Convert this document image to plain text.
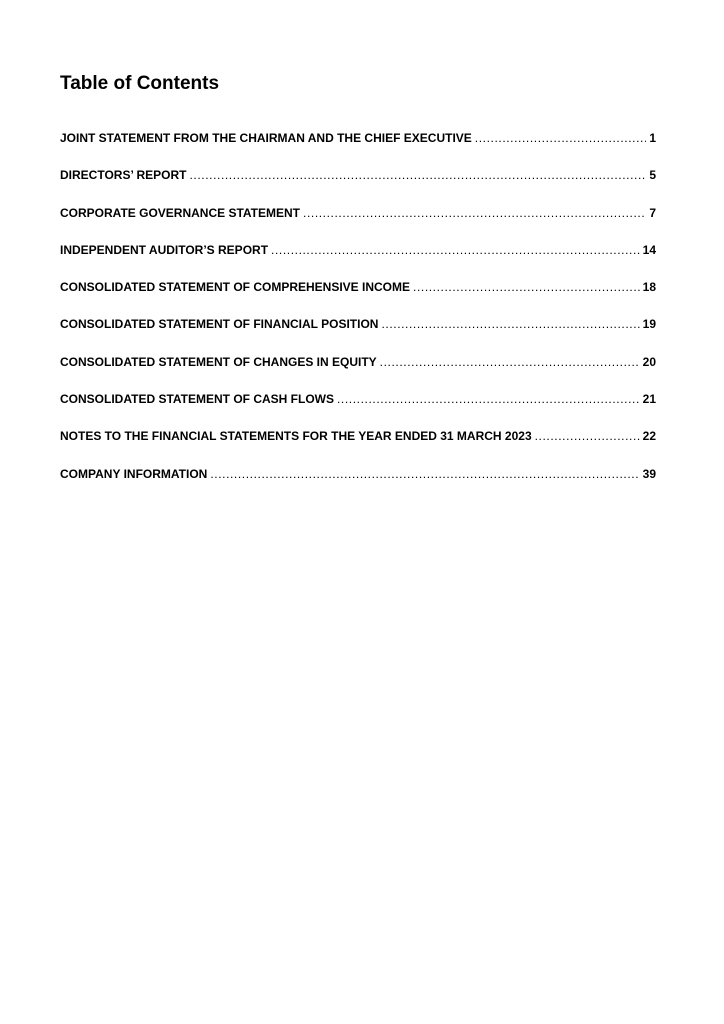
Table of Contents
JOINT STATEMENT FROM THE CHAIRMAN AND THE CHIEF EXECUTIVE .....	1
DIRECTORS’ REPORT .....	5
CORPORATE GOVERNANCE STATEMENT .....	7
INDEPENDENT AUDITOR’S REPORT .....	14
CONSOLIDATED STATEMENT OF COMPREHENSIVE INCOME .....	18
CONSOLIDATED STATEMENT OF FINANCIAL POSITION .....	19
CONSOLIDATED STATEMENT OF CHANGES IN EQUITY .....	20
CONSOLIDATED STATEMENT OF CASH FLOWS .....	21
NOTES TO THE FINANCIAL STATEMENTS FOR THE YEAR ENDED 31 MARCH 2023 .....	22
COMPANY INFORMATION .....	39
